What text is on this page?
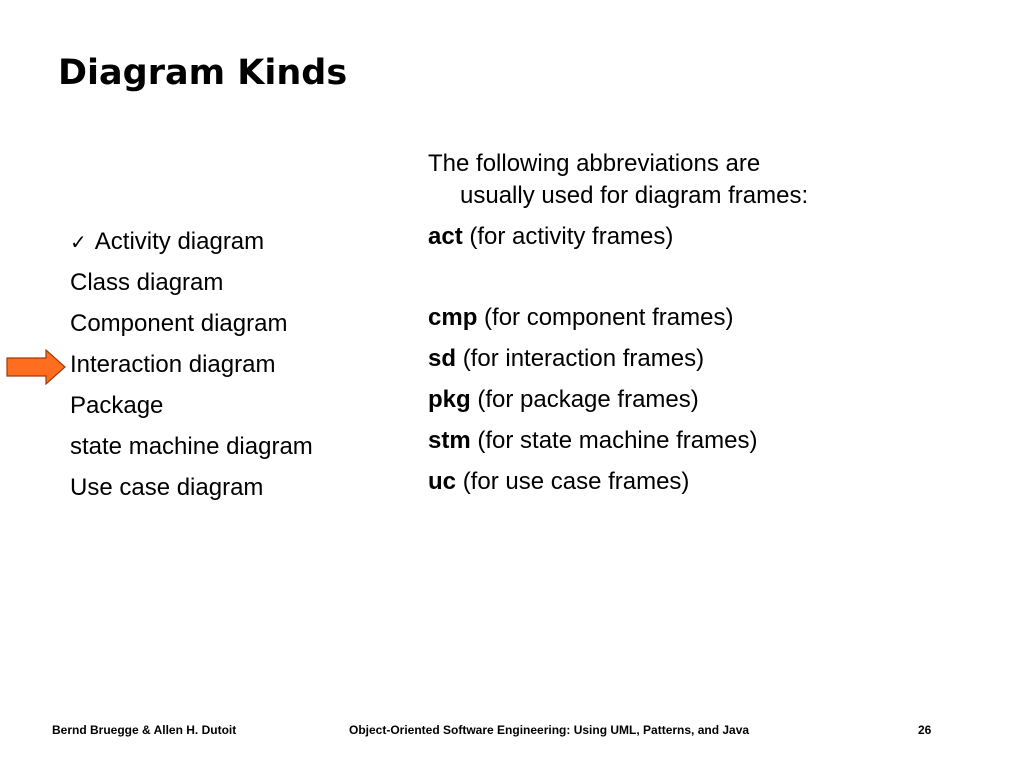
Diagram Kinds
✓ Activity diagram
Class diagram
Component diagram
Interaction diagram
Package
state machine diagram
Use case diagram

The following abbreviations are
usually used for diagram frames:

act (for activity frames)
cmp (for component frames)
sd (for interaction frames)
pkg (for package frames)
stm (for state machine frames)
uc (for use case frames)
Bernd Bruegge & Allen H. Dutoit	Object-Oriented Software Engineering: Using UML, Patterns, and Java	26
